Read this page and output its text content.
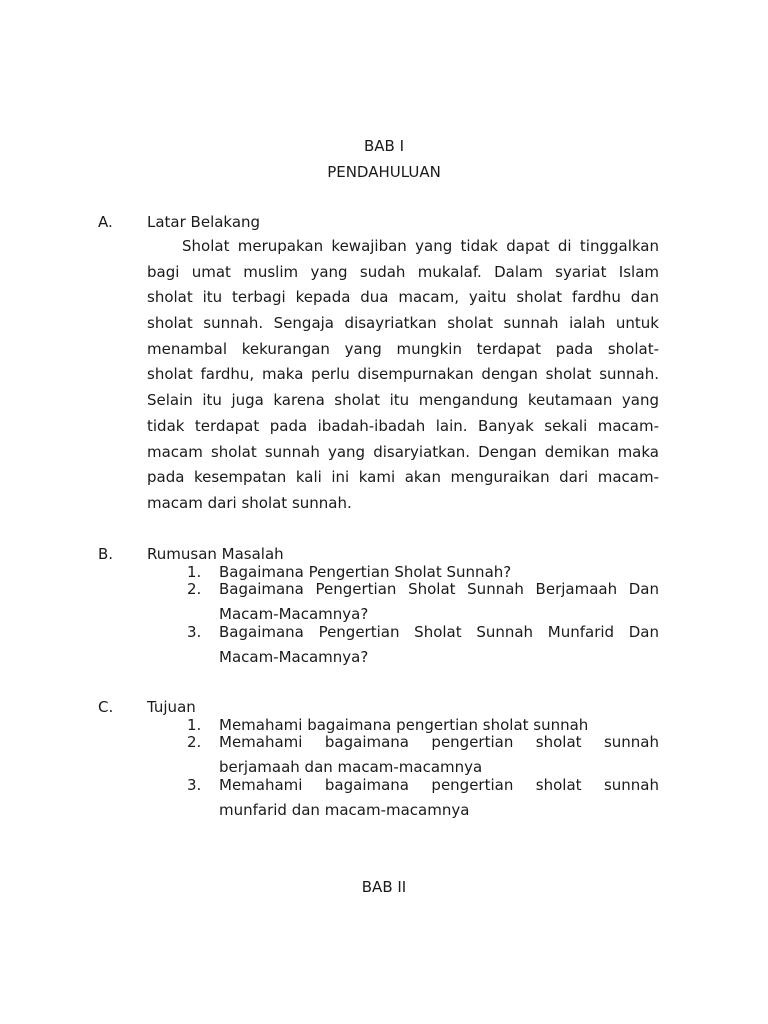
BAB I
PENDAHULUAN
A. Latar Belakang
Sholat merupakan kewajiban yang tidak dapat di tinggalkan
bagi umat muslim yang sudah mukalaf. Dalam syariat Islam
sholat itu terbagi kepada dua macam, yaitu sholat fardhu dan
sholat sunnah. Sengaja disayriatkan sholat sunnah ialah untuk
menambal kekurangan yang mungkin terdapat pada sholat-
sholat fardhu, maka perlu disempurnakan dengan sholat sunnah.
Selain itu juga karena sholat itu mengandung keutamaan yang
tidak terdapat pada ibadah-ibadah lain. Banyak sekali macam-
macam sholat sunnah yang disaryiatkan. Dengan demikan maka
pada kesempatan kali ini kami akan menguraikan dari macam-
macam dari sholat sunnah.
B. Rumusan Masalah
1. Bagaimana Pengertian Sholat Sunnah?
2. Bagaimana Pengertian Sholat Sunnah Berjamaah Dan
Macam-Macamnya?
3. Bagaimana Pengertian Sholat Sunnah Munfarid Dan
Macam-Macamnya?
C. Tujuan
1. Memahami bagaimana pengertian sholat sunnah
2. Memahami bagaimana pengertian sholat sunnah
berjamaah dan macam-macamnya
3. Memahami bagaimana pengertian sholat sunnah
munfarid dan macam-macamnya
BAB II
